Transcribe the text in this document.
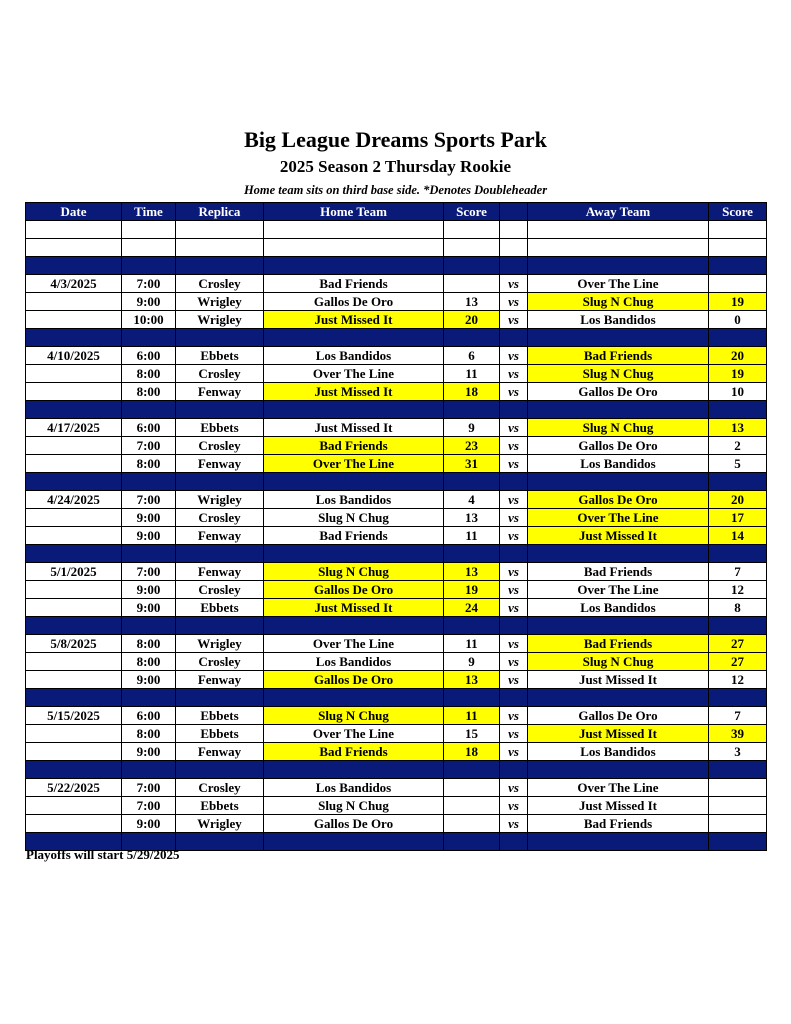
Big League Dreams Sports Park
2025 Season 2 Thursday Rookie
Home team sits on third base side. *Denotes Doubleheader
Date	Time	Replica	Home Team	Score		Away Team	Score

4/3/2025	7:00	Crosley	Bad Friends		vs	Over The Line	
	9:00	Wrigley	Gallos De Oro	13	vs	Slug N Chug	19
	10:00	Wrigley	Just Missed It	20	vs	Los Bandidos	0

4/10/2025	6:00	Ebbets	Los Bandidos	6	vs	Bad Friends	20
	8:00	Crosley	Over The Line	11	vs	Slug N Chug	19
	8:00	Fenway	Just Missed It	18	vs	Gallos De Oro	10

4/17/2025	6:00	Ebbets	Just Missed It	9	vs	Slug N Chug	13
	7:00	Crosley	Bad Friends	23	vs	Gallos De Oro	2
	8:00	Fenway	Over The Line	31	vs	Los Bandidos	5

4/24/2025	7:00	Wrigley	Los Bandidos	4	vs	Gallos De Oro	20
	9:00	Crosley	Slug N Chug	13	vs	Over The Line	17
	9:00	Fenway	Bad Friends	11	vs	Just Missed It	14

5/1/2025	7:00	Fenway	Slug N Chug	13	vs	Bad Friends	7
	9:00	Crosley	Gallos De Oro	19	vs	Over The Line	12
	9:00	Ebbets	Just Missed It	24	vs	Los Bandidos	8

5/8/2025	8:00	Wrigley	Over The Line	11	vs	Bad Friends	27
	8:00	Crosley	Los Bandidos	9	vs	Slug N Chug	27
	9:00	Fenway	Gallos De Oro	13	vs	Just Missed It	12

5/15/2025	6:00	Ebbets	Slug N Chug	11	vs	Gallos De Oro	7
	8:00	Ebbets	Over The Line	15	vs	Just Missed It	39
	9:00	Fenway	Bad Friends	18	vs	Los Bandidos	3

5/22/2025	7:00	Crosley	Los Bandidos		vs	Over The Line	
	7:00	Ebbets	Slug N Chug		vs	Just Missed It	
	9:00	Wrigley	Gallos De Oro		vs	Bad Friends	

Playoffs will start 5/29/2025
